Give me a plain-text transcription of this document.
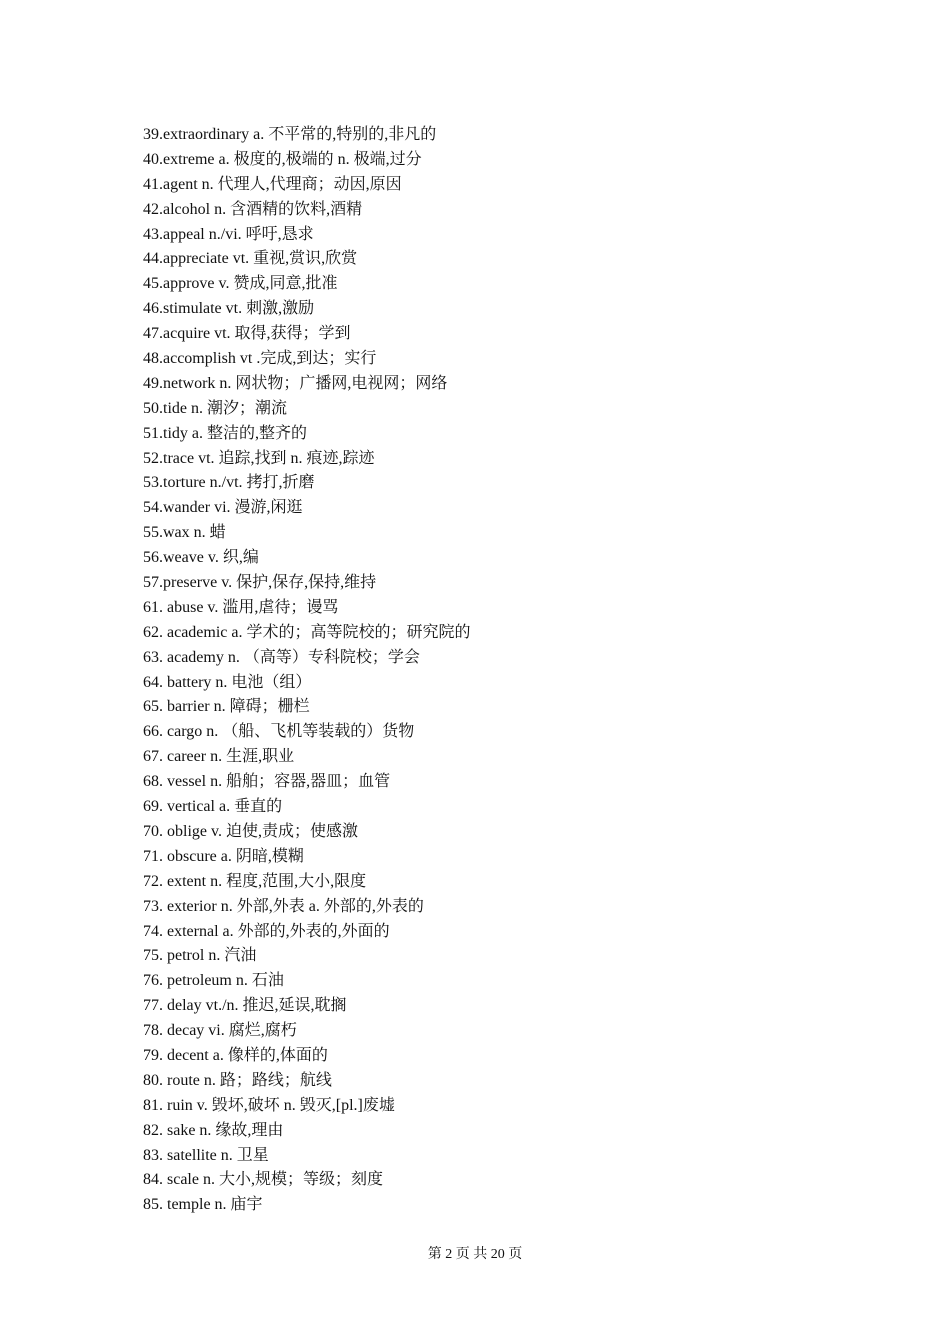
39.extraordinary a. 不平常的,特别的,非凡的
40.extreme a. 极度的,极端的 n. 极端,过分
41.agent n. 代理人,代理商；动因,原因
42.alcohol n. 含酒精的饮料,酒精
43.appeal n./vi. 呼吁,恳求
44.appreciate vt. 重视,赏识,欣赏
45.approve v. 赞成,同意,批准
46.stimulate vt. 刺激,激励
47.acquire vt. 取得,获得；学到
48.accomplish vt .完成,到达；实行
49.network n. 网状物；广播网,电视网；网络
50.tide n. 潮汐；潮流
51.tidy a. 整洁的,整齐的
52.trace vt. 追踪,找到 n. 痕迹,踪迹
53.torture n./vt. 拷打,折磨
54.wander vi. 漫游,闲逛
55.wax n. 蜡
56.weave v. 织,编
57.preserve v. 保护,保存,保持,维持
61. abuse v. 滥用,虐待；谩骂
62. academic a. 学术的；高等院校的；研究院的
63. academy n. （高等）专科院校；学会
64. battery n. 电池（组）
65. barrier n. 障碍；栅栏
66. cargo n. （船、飞机等装载的）货物
67. career n. 生涯,职业
68. vessel n. 船舶；容器,器皿；血管
69. vertical a. 垂直的
70. oblige v. 迫使,责成；使感激
71. obscure a. 阴暗,模糊
72. extent n. 程度,范围,大小,限度
73. exterior n. 外部,外表 a. 外部的,外表的
74. external a. 外部的,外表的,外面的
75. petrol n. 汽油
76. petroleum n. 石油
77. delay vt./n. 推迟,延误,耽搁
78. decay vi. 腐烂,腐朽
79. decent a. 像样的,体面的
80. route n. 路；路线；航线
81. ruin v. 毁坏,破坏 n. 毁灭,[pl.]废墟
82. sake n. 缘故,理由
83. satellite n. 卫星
84. scale n. 大小,规模；等级；刻度
85. temple n. 庙宇
第 2 页 共 20 页
